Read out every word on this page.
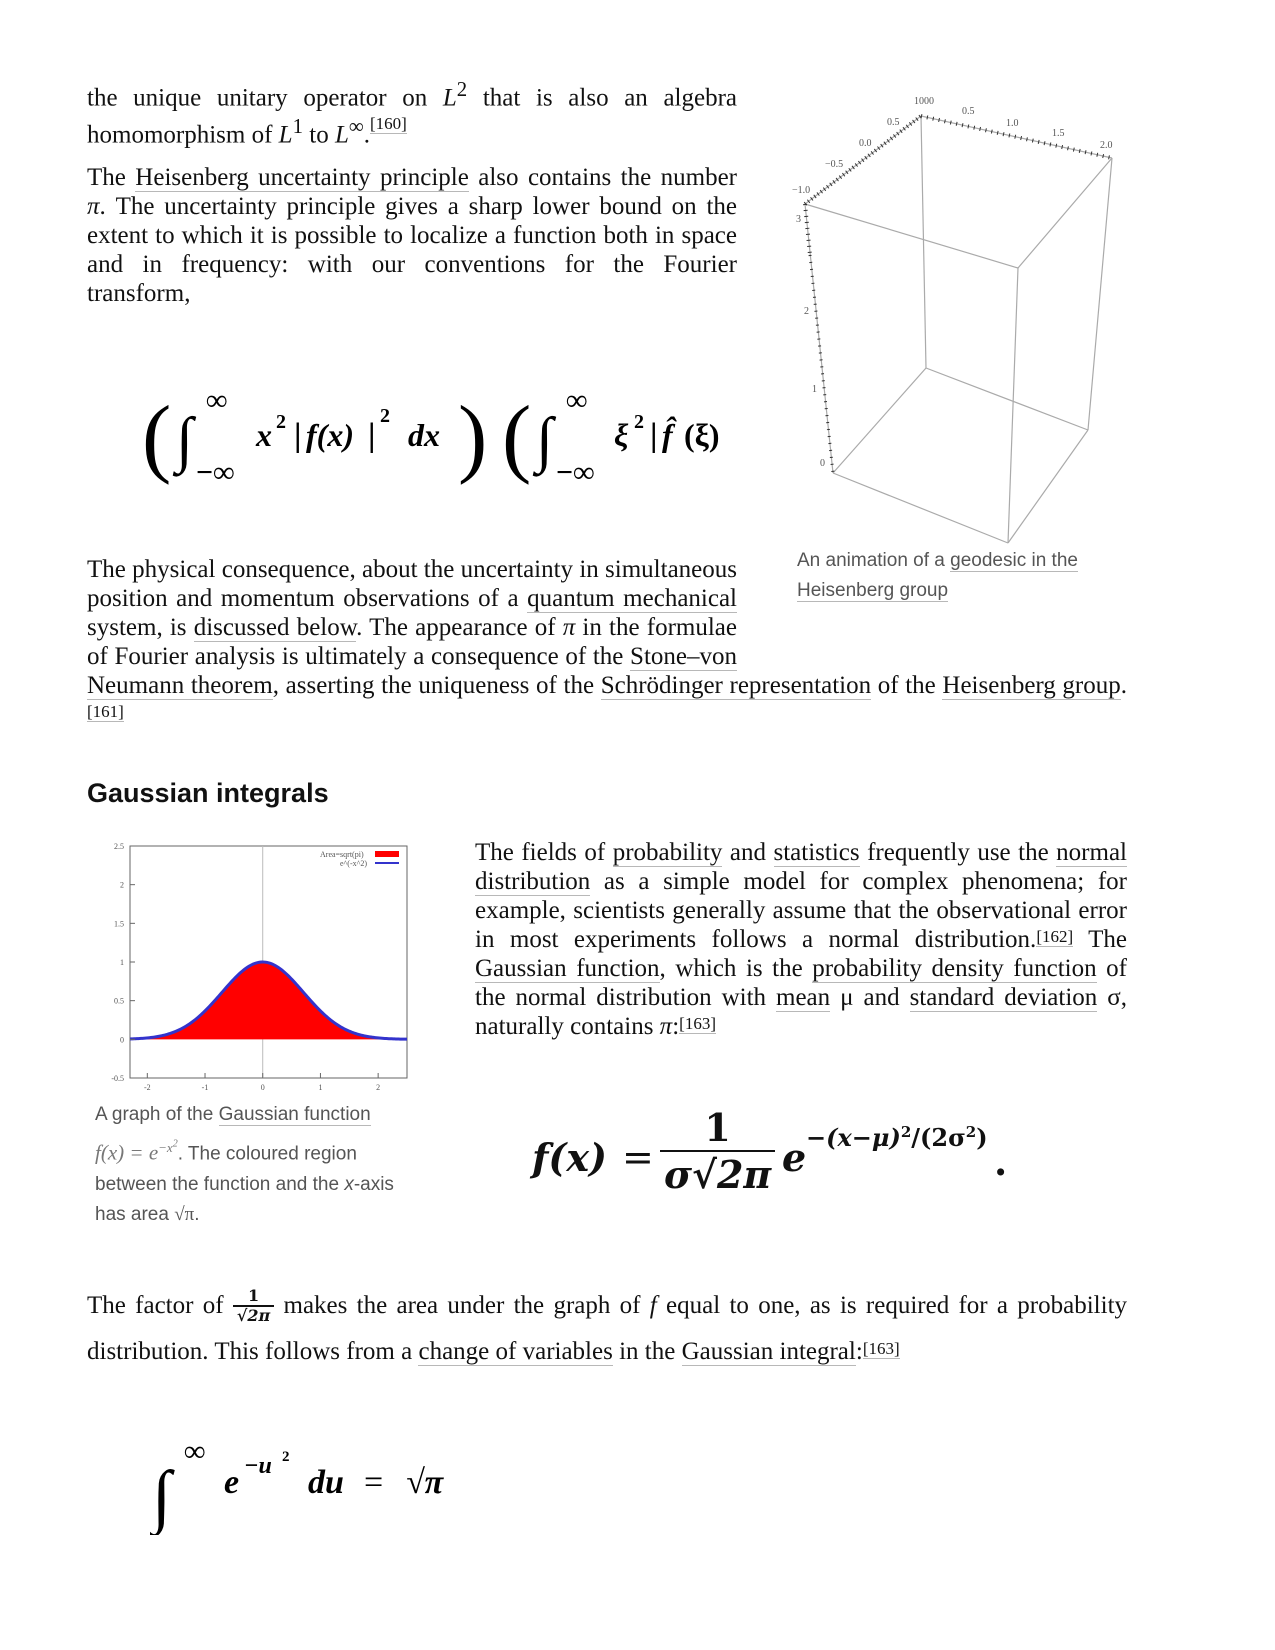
the unique unitary operator on $L^2$ that is also an algebra homomorphism of $L^1$ to L∞.[160]
The Heisenberg uncertainty principle also contains the number π. The uncertainty principle gives a sharp lower bound on the extent to which it is possible to localize a function both in space and in frequency: with our conventions for the Fourier transform,
( ∫
∞
−∞
x 2 | f(x) |
2
dx ) ( ∫
∞
−∞
ξ 2 | f̂ (ξ)
1000
0.5
0.0
−0.5
−1.0
0.5
1.0
1.5
2.0
3
2
1
0
An animation of a geodesic in the Heisenberg group
The physical consequence, about the uncertainty in simultaneous position and momentum observations of a quantum mechanical system, is discussed below. The appearance of π in the formulae of Fourier analysis is ultimately a consequence of the Stone–von Neumann theorem, asserting the uniqueness of the Schrödinger representation of the Heisenberg group.[161]
Gaussian integrals
2.5
2
1.5
1
0.5
0
-0.5
-2	-1	0	1	2
Area=sqrt(pi)
e^(-x^2)
A graph of the Gaussian function
$f(x) = e^{-x^2}$. The coloured region between the function and the x-axis has area √π.
The fields of probability and statistics frequently use the normal distribution as a simple model for complex phenomena; for example, scientists generally assume that the observational error in most experiments follows a normal distribution.[162] The Gaussian function, which is the probability density function of the normal distribution with mean μ and standard deviation σ, naturally contains π:[163]
$f(x) = \frac{1}{\sigma√2\pi}$ $e -(x-\mu)^2/(2\sigma^2)$
.
The factor of $\frac{1}{√2\pi}$ makes the area under the graph of f equal to one, as is required for a probability distribution. This follows from a change of variables in the Gaussian integral:[163]
∫
∞
e −u 2
du = √π
